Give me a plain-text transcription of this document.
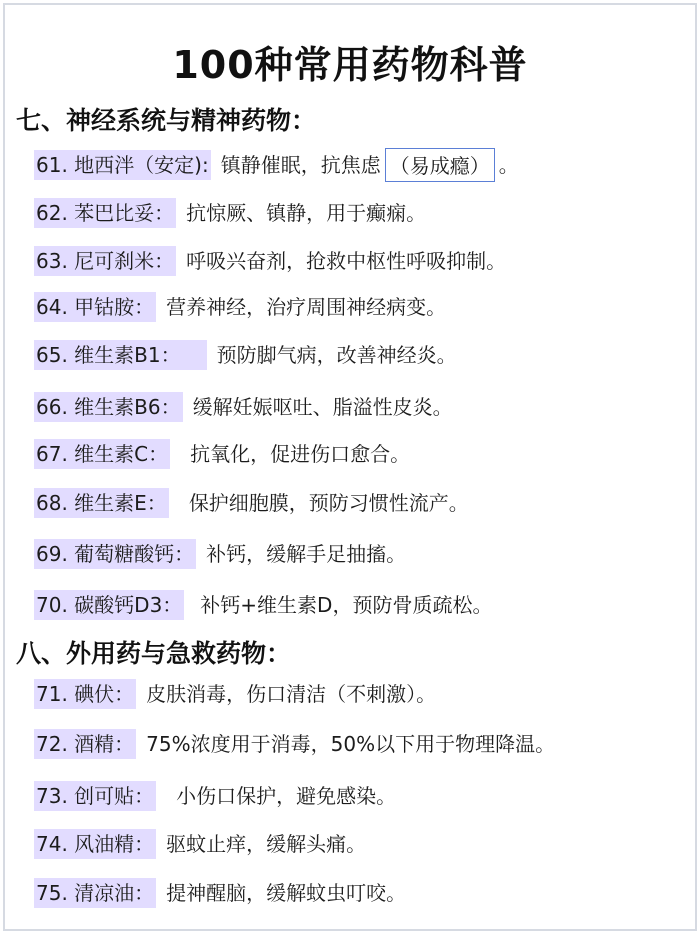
100种常用药物科普
七、神经系统与精神药物：
61. 地西泮（安定): 镇静催眠，抗焦虑 （易成瘾） 。
62. 苯巴比妥： 抗惊厥、镇静，用于癫痫。
63. 尼可刹米： 呼吸兴奋剂，抢救中枢性呼吸抑制。
64. 甲钴胺： 营养神经，治疗周围神经病变。
65. 维生素B1：	预防脚气病，改善神经炎。
66. 维生素B6： 缓解妊娠呕吐、脂溢性皮炎。
67. 维生素C： 抗氧化，促进伤口愈合。
68. 维生素E： 保护细胞膜，预防习惯性流产。
69. 葡萄糖酸钙： 补钙，缓解手足抽搐。
70. 碳酸钙D3： 补钙+维生素D，预防骨质疏松。
八、外用药与急救药物：
71. 碘伏： 皮肤消毒，伤口清洁（不刺激）。
72. 酒精： 75%浓度用于消毒，50%以下用于物理降温。
73. 创可贴： 小伤口保护，避免感染。
74. 风油精： 驱蚊止痒，缓解头痛。
75. 清凉油： 提神醒脑，缓解蚊虫叮咬。
